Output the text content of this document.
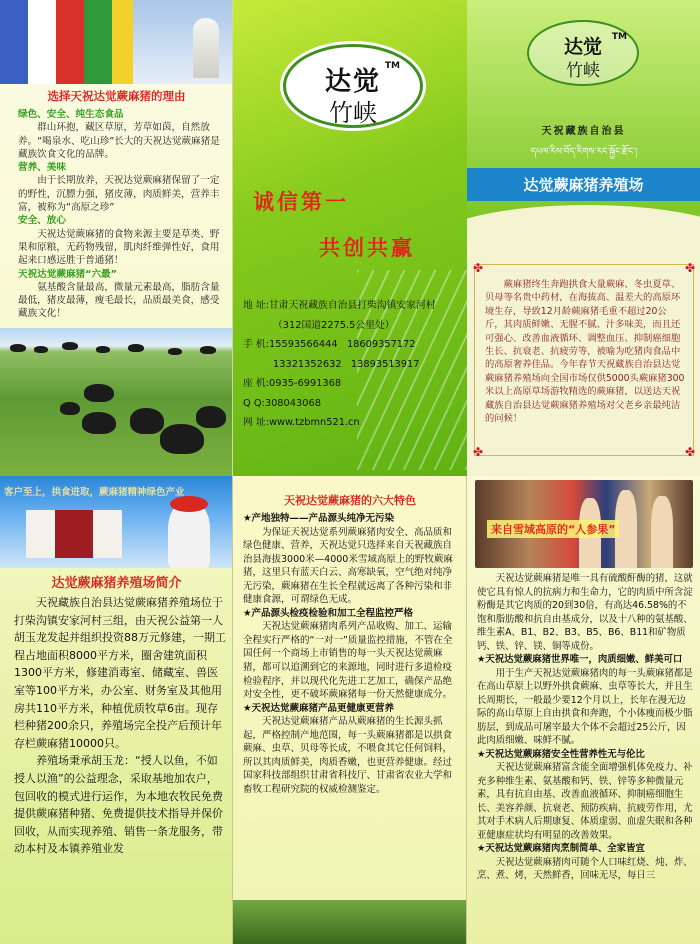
选择天祝达觉蕨麻猪的理由
绿色、安全、纯生态食品
群山环抱，藏区草原，芳草如茵，自然放养。“喝泉水、吃山珍”长大的天祝达觉蕨麻猪是藏族饮食文化的品牌。
营养、美味
由于长期放养，天祝达觉蕨麻猪保留了一定的野性，沉膘力强，猪皮薄，肉质鲜美，营养丰富，被称为“高原之珍”
安全、放心
天祝达觉蕨麻猪的食物来源主要是草类、野果和原粮，无药物残留，肌肉纤维弹性好，食用起来口感远胜于普通猪！
天祝达觉蕨麻猪“六最”
氨基酸含量最高，微量元素最高，脂肪含量最低，猪皮最薄，瘦毛最长，品质最美食，感受藏族文化！
达觉
竹峡
TM
诚信第一
共创共赢
地 址:甘肃天祝藏族自治县打柴沟镇安家河村
（312国道2275.5公里处）
手 机:15593566444 18609357172
13321352632 13893513917
座 机:0935-6991368
Q Q:308043068
网 址:www.tzbmn521.cn
达觉
竹峡
TM
天祝藏族自治县
དཔལ་རིས་བོད་རིགས་རང་སྐྱོང་རྫོང་།
达觉蕨麻猪养殖场
✤	✤
✤	✤
蕨麻猪终生奔跑拱食大量蕨麻、冬虫夏草、贝母等名贵中药材，在海拔高、温差大的高原环境生存，导致12月龄蕨麻猪毛重不超过20公斤，其肉质鲜嫩、无腥不腻、汁多味美，而且还可强心、改善血液循环、调整血压、抑制癌细胞生长、抗衰老、抗疲劳等，被喻为吃猪肉食品中的高原奢养佳品。今年春节天祝藏族自治县达觉蕨麻猪养殖场向全国市场仅供5000头蕨麻猪300米以上高原草场游牧精选的蕨麻猪，以送达天祝藏族自治县达觉蕨麻猪养殖场对父老乡亲最纯洁的问候！
客户至上，拱食进取，蕨麻猪精神绿色产业
达觉蕨麻猪养殖场简介

天祝藏族自治县达觉蕨麻猪养殖场位于打柴沟镇安家河村三组，由天祝公益第一人胡玉龙发起并组织投资88万元修建，一期工程占地面积8000平方米，圈舍建筑面积1300平方米，修建消毒室、储藏室、兽医室等100平方米，办公室、财务室及其他用房共110平方米，种植优质牧草6亩。现存栏种猪200余只，养殖场完全投产后预计年存栏蕨麻猪10000只。

养殖场秉承胡玉龙：“授人以鱼，不如授人以渔”的公益理念，采取基地加农户，包回收的模式进行运作，为本地农牧民免费提供蕨麻猪种猪、免费提供技术指导并保价回收，从而实现养殖、销售一条龙服务，带动本村及本镇养殖业发

天祝达觉蕨麻猪的六大特色
★产地独特——产品源头纯净无污染

为保证天祝达觉系列蕨麻猪肉安全、高品质和绿色健康、营养，天祝达觉只选择来自天祝藏族自治县海拔3000米—4000米雪域高原上的野牧蕨麻猪，这里只有蓝天白云、高寒缺氧，空气绝对纯净无污染，蕨麻猪在生长全程就远离了各种污染和非健康食源，可谓绿色无成。

★产品源头检疫检验和加工全程监控严格

天祝达觉蕨麻猪肉系列产品收购、加工、运输全程实行严格的“一对一”质量监控措施，不管在全国任何一个商场上市销售的每一头天祝达觉蕨麻猪，都可以追溯到它的来源地，同时进行多道检疫检验程序，并以现代化先进工艺加工，确保产品绝对安全性，更不破坏蕨麻猪每一份天然健康成分。

★天祝达觉蕨麻猪产品更健康更营养

天祝达觉蕨麻猪产品从蕨麻猪的生长源头抓起，严格控制产地范围，每一头蕨麻猪都是以拱食蕨麻、虫草、贝母等长成，不喂食其它任何饲料，所以其肉质鲜美，肉质香嫩，也更营养健康。经过国家科技部组织甘肃省科技厅、甘肃省农业大学和畜牧工程研究院的权威检测鉴定。

来自雪域高原的“人参果”

天祝达觉蕨麻猪是唯一具有硫酸酐酶的猪，这就使它具有惊人的抗病力和生命力，它的肉质中所含淀粉酶是其它肉质的20到30倍，有高达46.58%的不饱和脂肪酸和抗自由基成分，以及十八种的氨基酸、维生素A、B1、B2、B3、B5、B6、B11和矿物质钙、铁、锌、镁、铜等成份。

★天祝达觉蕨麻猪世界唯一，肉质细嫩、鲜美可口

用于生产天祝达觉蕨麻猪肉的每一头蕨麻猪都是在高山草原上以野外拱食蕨麻、虫草等长大，并且生长周期长，一般最少要12个月以上，长年在漫无边际的高山草原上自由拱食和奔跑，个小体瘦而极少脂肪层，到成品可屠宰最大个体不会超过25公斤，因此肉质细嫩、味鲜不腻。

★天祝达觉蕨麻猪安全性营养性无与伦比

天祝达觉蕨麻猪富含能全面增强机体免疫力、补充多种维生素、氨基酸和钙、铁、锌等多种微量元素，具有抗自由基、改善血液循环、抑制癌细胞生长、美容养颜、抗衰老、预防疾病、抗疲劳作用，尤其对手术病人后期康复、体质虚弱、血虚失眠和各种亚健康症状均有明显的改善效果。

★天祝达觉蕨麻猪肉烹制简单、全家皆宜

天祝达觉蕨麻猪肉可随个人口味红烧、炖、炸、烹、煮、烤，天然鲜香，回味无尽，每日三
